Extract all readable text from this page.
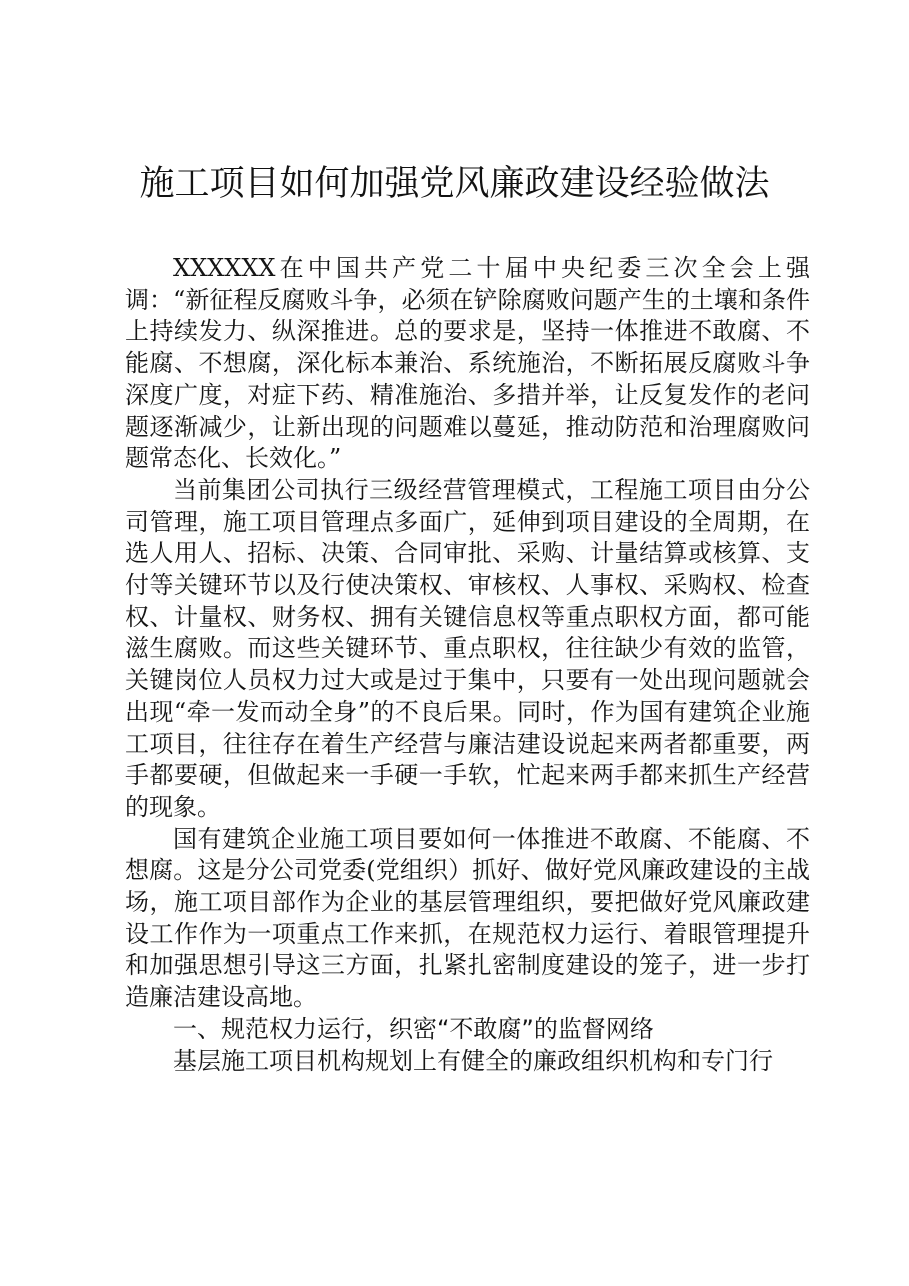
施工项目如何加强党风廉政建设经验做法

XXXXXX在中国共产党二十届中央纪委三次全会上强调：“新征程反腐败斗争，必须在铲除腐败问题产生的土壤和条件上持续发力、纵深推进。总的要求是，坚持一体推进不敢腐、不能腐、不想腐，深化标本兼治、系统施治，不断拓展反腐败斗争深度广度，对症下药、精准施治、多措并举，让反复发作的老问题逐渐减少，让新出现的问题难以蔓延，推动防范和治理腐败问题常态化、长效化。”

当前集团公司执行三级经营管理模式，工程施工项目由分公司管理，施工项目管理点多面广，延伸到项目建设的全周期，在选人用人、招标、决策、合同审批、采购、计量结算或核算、支付等关键环节以及行使决策权、审核权、人事权、采购权、检查权、计量权、财务权、拥有关键信息权等重点职权方面，都可能滋生腐败。而这些关键环节、重点职权，往往缺少有效的监管，关键岗位人员权力过大或是过于集中，只要有一处出现问题就会出现“牵一发而动全身”的不良后果。同时，作为国有建筑企业施工项目，往往存在着生产经营与廉洁建设说起来两者都重要，两手都要硬，但做起来一手硬一手软，忙起来两手都来抓生产经营的现象。

国有建筑企业施工项目要如何一体推进不敢腐、不能腐、不想腐。这是分公司党委(党组织）抓好、做好党风廉政建设的主战场，施工项目部作为企业的基层管理组织，要把做好党风廉政建设工作作为一项重点工作来抓，在规范权力运行、着眼管理提升和加强思想引导这三方面，扎紧扎密制度建设的笼子，进一步打造廉洁建设高地。

一、规范权力运行，织密“不敢腐”的监督网络

基层施工项目机构规划上有健全的廉政组织机构和专门行
